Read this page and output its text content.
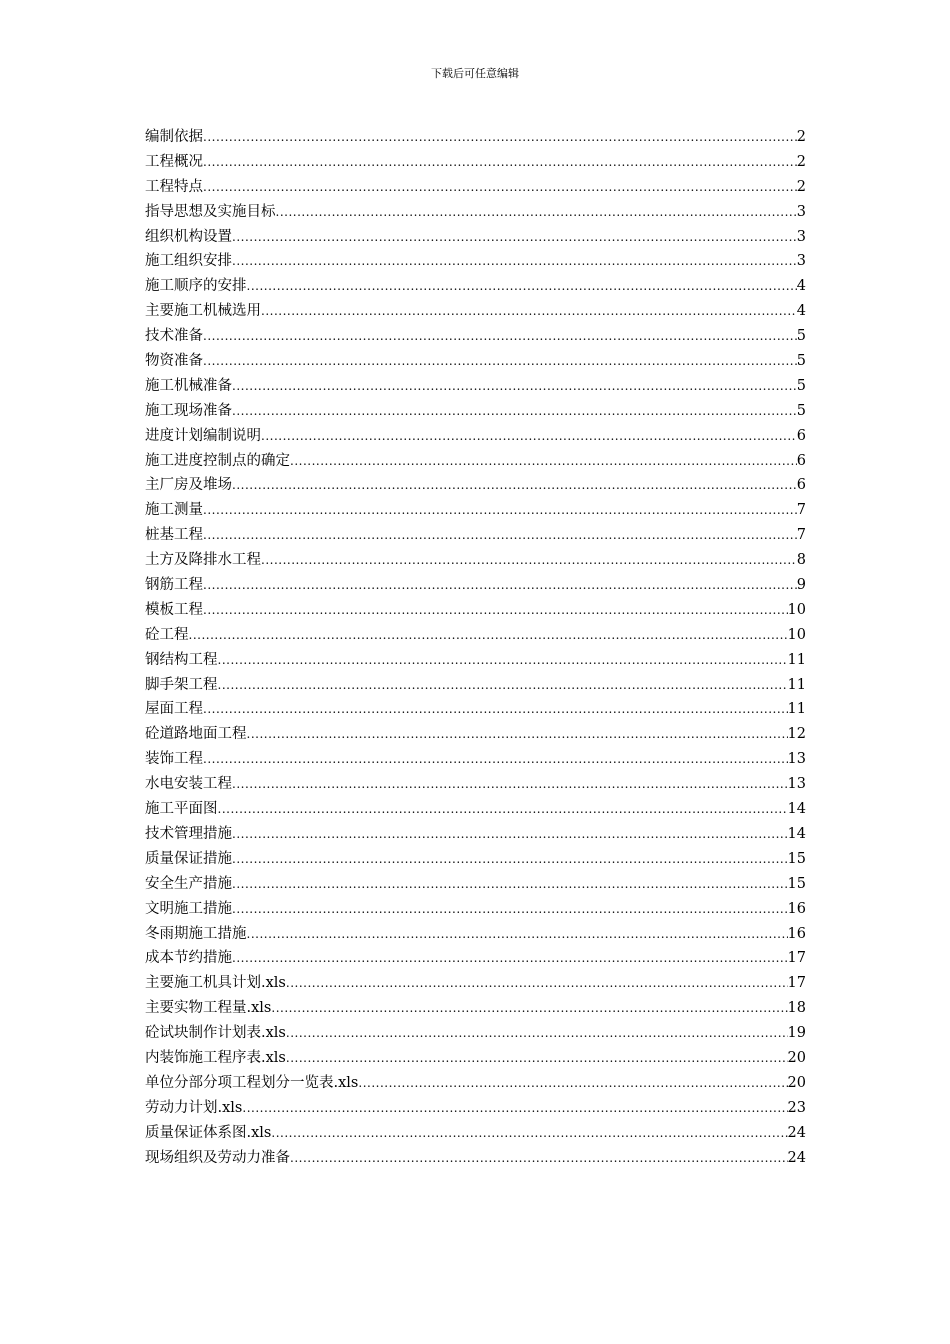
下载后可任意编辑
编制依据 .....	2
工程概况 .....	2
工程特点 .....	2
指导思想及实施目标 .....	3
组织机构设置 .....	3
施工组织安排 .....	3
施工顺序的安排 .....	4
主要施工机械选用 .....	4
技术准备 .....	5
物资准备 .....	5
施工机械准备 .....	5
施工现场准备 .....	5
进度计划编制说明 .....	6
施工进度控制点的确定 .....	6
主厂房及堆场 .....	6
施工测量 .....	7
桩基工程 .....	7
土方及降排水工程 .....	8
钢筋工程 .....	9
模板工程 .....	10
砼工程 .....	10
钢结构工程 .....	11
脚手架工程 .....	11
屋面工程 .....	11
砼道路地面工程 .....	12
装饰工程 .....	13
水电安装工程 .....	13
施工平面图 .....	14
技术管理措施 .....	14
质量保证措施 .....	15
安全生产措施 .....	15
文明施工措施 .....	16
冬雨期施工措施 .....	16
成本节约措施 .....	17
主要施工机具计划.xls .....	17
主要实物工程量.xls .....	18
砼试块制作计划表.xls .....	19
内装饰施工程序表.xls .....	20
单位分部分项工程划分一览表.xls .....	20
劳动力计划.xls .....	23
质量保证体系图.xls .....	24
现场组织及劳动力准备 .....	24
